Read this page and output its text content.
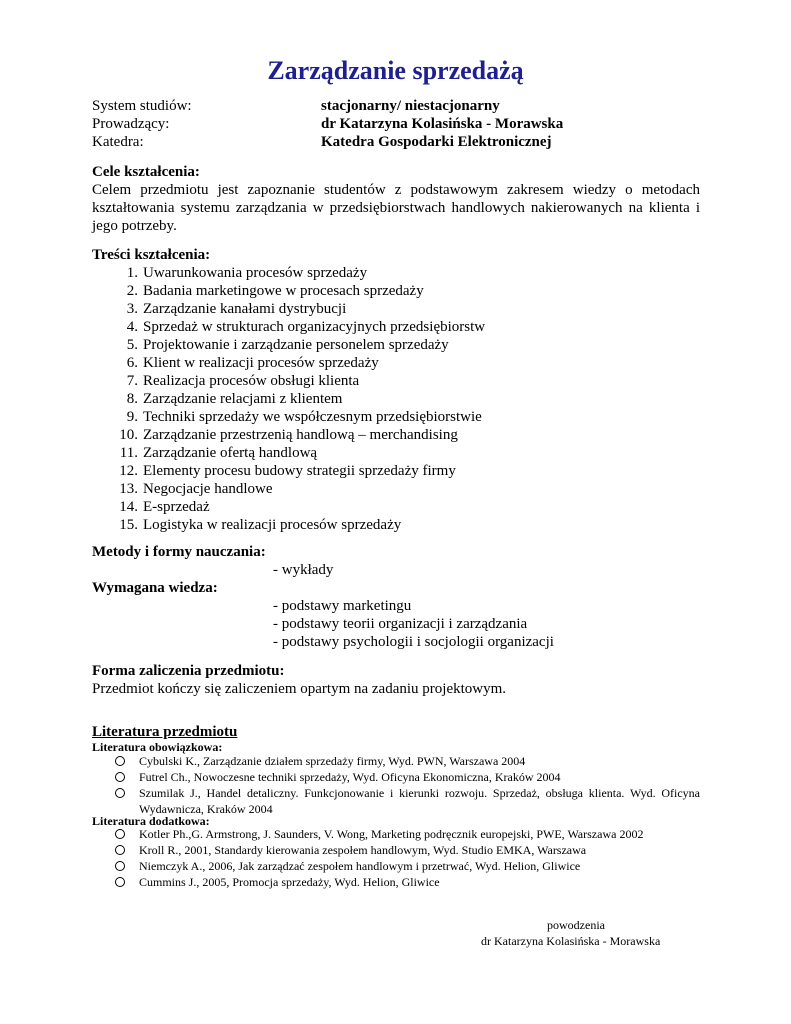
Zarządzanie sprzedażą
System studiów:	stacjonarny/ niestacjonarny
Prowadzący:	dr Katarzyna Kolasińska - Morawska
Katedra:	Katedra Gospodarki Elektronicznej
Cele kształcenia:
Celem przedmiotu jest zapoznanie studentów z podstawowym zakresem wiedzy o metodach kształtowania systemu zarządzania w przedsiębiorstwach handlowych nakierowanych na klienta i jego potrzeby.
Treści kształcenia:
1. Uwarunkowania procesów sprzedaży
2. Badania marketingowe w procesach sprzedaży
3. Zarządzanie kanałami dystrybucji
4. Sprzedaż w strukturach organizacyjnych przedsiębiorstw
5. Projektowanie i zarządzanie personelem sprzedaży
6. Klient w realizacji procesów sprzedaży
7. Realizacja procesów obsługi klienta
8. Zarządzanie relacjami z klientem
9. Techniki sprzedaży we współczesnym przedsiębiorstwie
10. Zarządzanie przestrzenią handlową – merchandising
11. Zarządzanie ofertą handlową
12. Elementy procesu budowy strategii sprzedaży firmy
13. Negocjacje handlowe
14. E-sprzedaż
15. Logistyka w realizacji procesów sprzedaży
Metody i formy nauczania:
- wykłady
Wymagana wiedza:
- podstawy marketingu
- podstawy teorii organizacji i zarządzania
- podstawy psychologii i socjologii organizacji
Forma zaliczenia przedmiotu:
Przedmiot kończy się zaliczeniem opartym na zadaniu projektowym.
Literatura przedmiotu
Literatura obowiązkowa:
Cybulski K., Zarządzanie działem sprzedaży firmy, Wyd. PWN, Warszawa 2004
Futrel Ch., Nowoczesne techniki sprzedaży, Wyd. Oficyna Ekonomiczna, Kraków 2004
Szumilak J., Handel detaliczny. Funkcjonowanie i kierunki rozwoju. Sprzedaż, obsługa klienta. Wyd. Oficyna Wydawnicza, Kraków 2004
Literatura dodatkowa:
Kotler Ph.,G. Armstrong, J. Saunders, V. Wong, Marketing podręcznik europejski, PWE, Warszawa 2002
Kroll R., 2001, Standardy kierowania zespołem handlowym, Wyd. Studio EMKA, Warszawa
Niemczyk A., 2006, Jak zarządzać zespołem handlowym i przetrwać, Wyd. Helion, Gliwice
Cummins J., 2005, Promocja sprzedaży, Wyd. Helion, Gliwice
powodzenia
dr Katarzyna Kolasińska - Morawska
